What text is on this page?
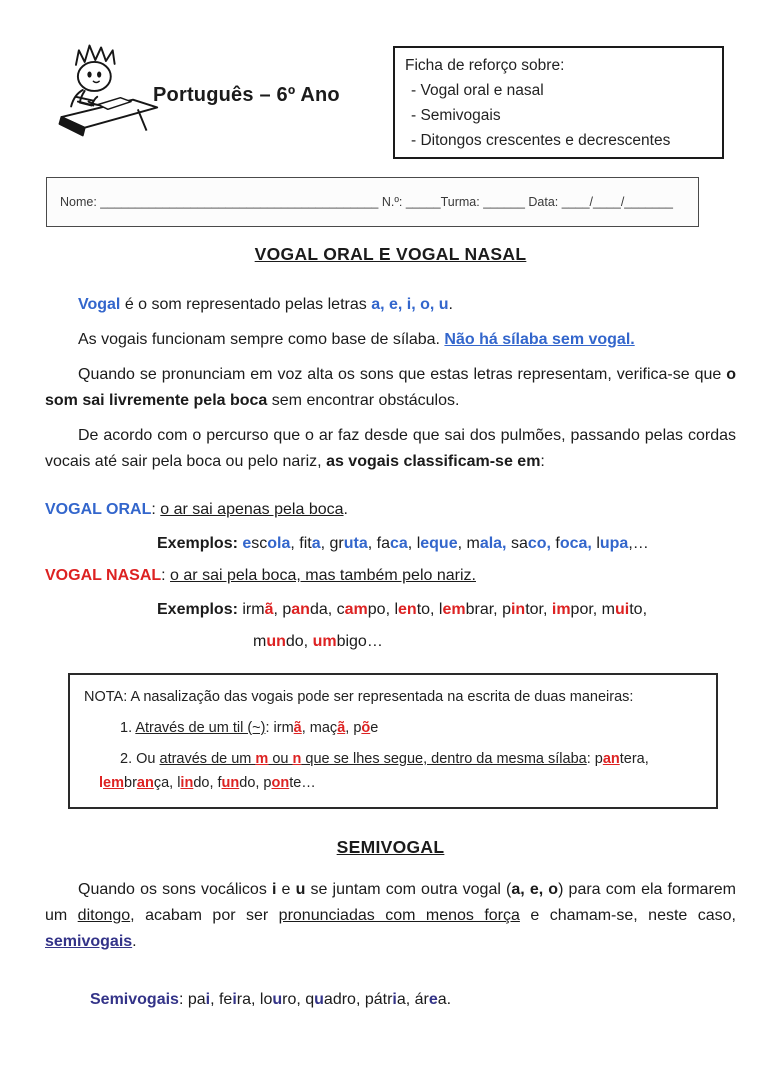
Português – 6º Ano
Ficha de reforço sobre:
- Vogal oral e nasal
- Semivogais
- Ditongos crescentes e decrescentes
Nome: ________________________________________ N.º: _____Turma: ______ Data: ____/____/_______
VOGAL ORAL E VOGAL NASAL

Vogal é o som representado pelas letras a, e, i, o, u.

As vogais funcionam sempre como base de sílaba. Não há sílaba sem vogal.

Quando se pronunciam em voz alta os sons que estas letras representam, verifica-se que o som sai livremente pela boca sem encontrar obstáculos.

De acordo com o percurso que o ar faz desde que sai dos pulmões, passando pelas cordas vocais até sair pela boca ou pelo nariz, as vogais classificam-se em:

VOGAL ORAL: o ar sai apenas pela boca.

Exemplos: escola, fita, gruta, faca, leque, mala, saco, foca, lupa,…

VOGAL NASAL: o ar sai pela boca, mas também pelo nariz.

Exemplos: irmã, panda, campo, lento, lembrar, pintor, impor, muito,

mundo, umbigo…

NOTA: A nasalização das vogais pode ser representada na escrita de duas maneiras:

1. Através de um til (~): irmã, maçã, põe

2. Ou através de um m ou n que se lhes segue, dentro da mesma sílaba: pantera, lembrança, lindo, fundo, ponte…

SEMIVOGAL

Quando os sons vocálicos i e u se juntam com outra vogal (a, e, o) para com ela formarem um ditongo, acabam por ser pronunciadas com menos força e chamam-se, neste caso, semivogais.

Semivogais: pai, feira, louro, quadro, pátria, área.
